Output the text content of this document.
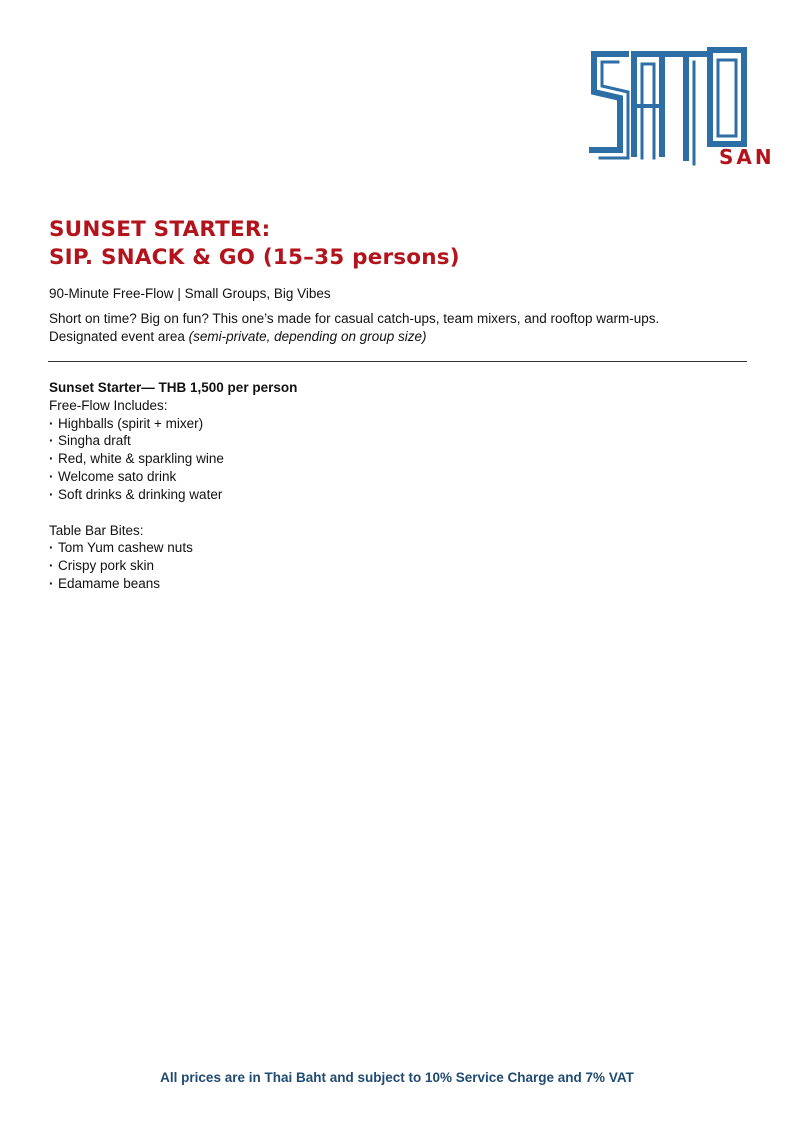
SAN
SUNSET STARTER:
SIP. SNACK & GO (15–35 persons)
90-Minute Free-Flow | Small Groups, Big Vibes

Short on time? Big on fun? This one’s made for casual catch-ups, team mixers, and rooftop warm-ups.

Designated event area (semi-private, depending on group size)

Sunset Starter— THB 1,500 per person
Free-Flow Includes:
· Highballs (spirit + mixer)
· Singha draft
· Red, white & sparkling wine
· Welcome sato drink
· Soft drinks & drinking water
Table Bar Bites:
· Tom Yum cashew nuts
· Crispy pork skin
· Edamame beans
All prices are in Thai Baht and subject to 10% Service Charge and 7% VAT
